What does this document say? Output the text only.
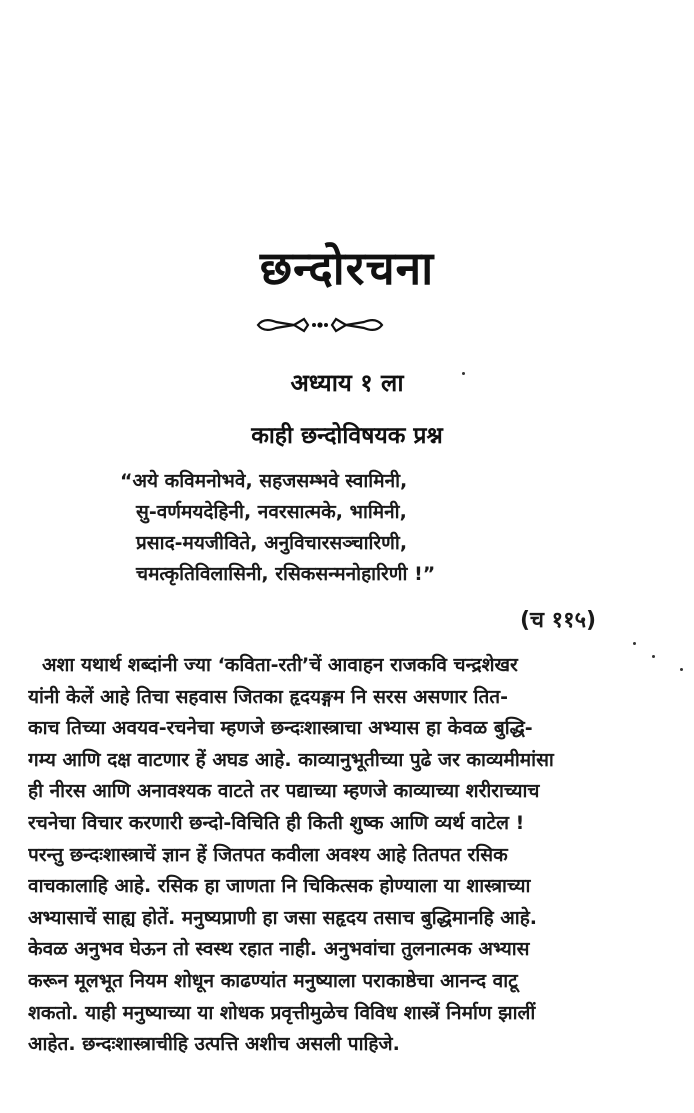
छन्दोरचना
अध्याय १ ला
काही छन्दोविषयक प्रश्न
“अये कविमनोभवे, सहजसम्भवे स्वामिनी,
सु-वर्णमयदेहिनी, नवरसात्मके, भामिनी,
प्रसाद-मयजीविते, अनुविचारसञ्चारिणी,
चमत्कृतिविलासिनी, रसिकसन्मनोहारिणी !”
(च ११५)
अशा यथार्थ शब्दांनी ज्या ‘कविता-रती’चें आवाहन राजकवि चन्द्रशेखर
यांनी केलें आहे तिचा सहवास जितका हृदयङ्गम नि सरस असणार तित-
काच तिच्या अवयव-रचनेचा म्हणजे छन्दःशास्त्राचा अभ्यास हा केवळ बुद्धि-
गम्य आणि दक्ष वाटणार हें अघड आहे. काव्यानुभूतीच्या पुढे जर काव्यमीमांसा
ही नीरस आणि अनावश्यक वाटते तर पद्याच्या म्हणजे काव्याच्या शरीराच्याच
रचनेचा विचार करणारी छन्दो-विचिति ही किती शुष्क आणि व्यर्थ वाटेल !
परन्तु छन्दःशास्त्राचें ज्ञान हें जितपत कवीला अवश्य आहे तितपत रसिक
वाचकालाहि आहे. रसिक हा जाणता नि चिकित्सक होण्याला या शास्त्राच्या
अभ्यासाचें साह्य होतें. मनुष्यप्राणी हा जसा सहृदय तसाच बुद्धिमानहि आहे.
केवळ अनुभव घेऊन तो स्वस्थ रहात नाही. अनुभवांचा तुलनात्मक अभ्यास
करून मूलभूत नियम शोधून काढण्यांत मनुष्याला पराकाष्ठेचा आनन्द वाटू
शकतो. याही मनुष्याच्या या शोधक प्रवृत्तीमुळेच विविध शास्त्रें निर्माण झालीं
आहेत. छन्दःशास्त्राचीहि उत्पत्ति अशीच असली पाहिजे.
